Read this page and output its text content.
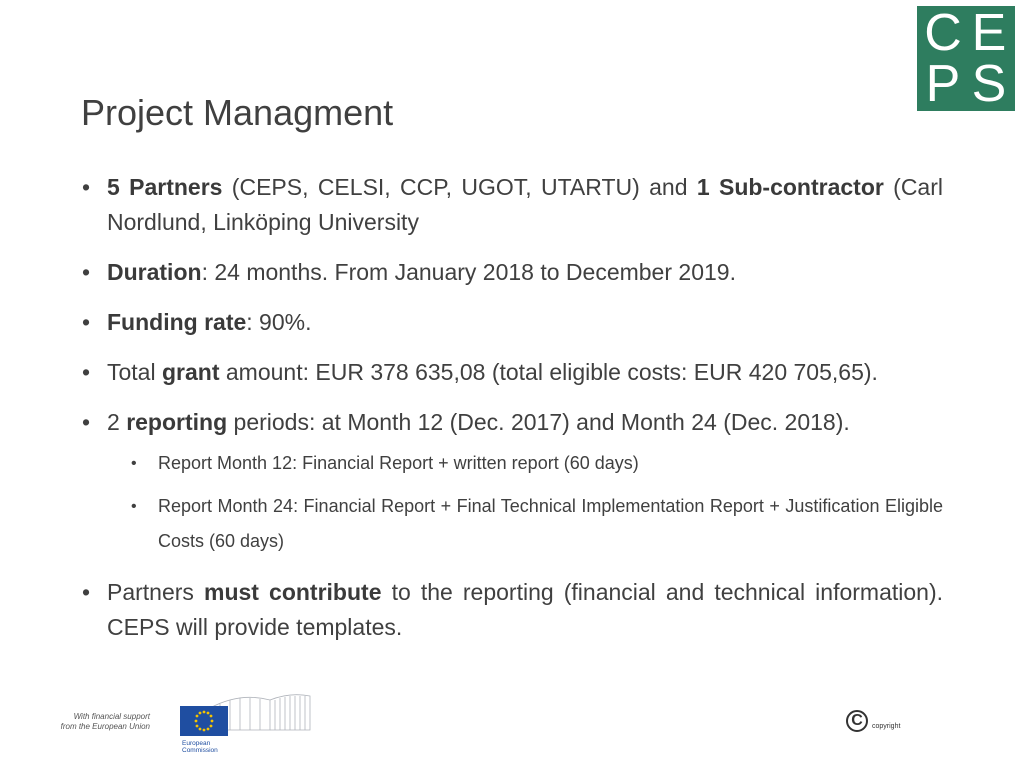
C E
P S
Project Managment
• 5 Partners (CEPS, CELSI, CCP, UGOT, UTARTU) and 1 Sub-contractor (Carl Nordlund, Linköping University
• Duration: 24 months. From January 2018 to December 2019.
• Funding rate: 90%.
• Total grant amount: EUR 378 635,08 (total eligible costs: EUR 420 705,65).
• 2 reporting periods: at Month 12 (Dec. 2017) and Month 24 (Dec. 2018).
• Report Month 12: Financial Report + written report (60 days)
• Report Month 24: Financial Report + Final Technical Implementation Report + Justification Eligible Costs (60 days)
• Partners must contribute to the reporting (financial and technical information). CEPS will provide templates.
With financial support
from the European Union
European
Commission
C	copyright
